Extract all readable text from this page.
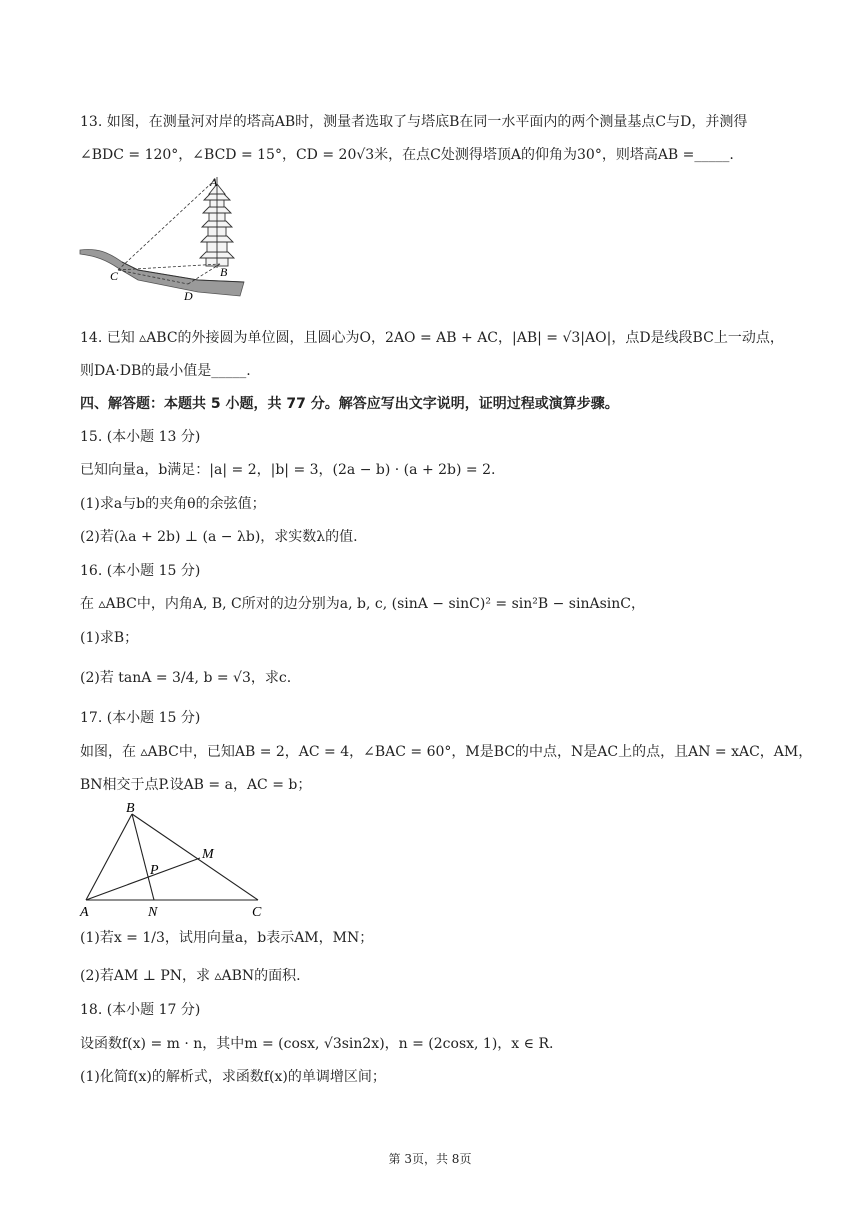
13. 如图，在测量河对岸的塔高AB时，测量者选取了与塔底B在同一水平面内的两个测量基点C与D，并测得
∠BDC = 120°，∠BCD = 15°，CD = 20√3米，在点C处测得塔顶A的仰角为30°，则塔高AB =_____.
A
B
C
D
14. 已知 ▵ABC的外接圆为单位圆，且圆心为O，2AO = AB + AC，|AB| = √3|AO|，点D是线段BC上一动点，
则DA·DB的最小值是_____.
四、解答题：本题共 5 小题，共 77 分。解答应写出文字说明，证明过程或演算步骤。
15. (本小题 13 分)
已知向量a，b满足：|a| = 2，|b| = 3，(2a − b) · (a + 2b) = 2.
(1)求a与b的夹角θ的余弦值；
(2)若(λa + 2b) ⊥ (a − λb)，求实数λ的值.
16. (本小题 15 分)
在 ▵ABC中，内角A, B, C所对的边分别为a, b, c, (sinA − sinC)² = sin²B − sinAsinC，
(1)求B；
(2)若 tanA = 3/4, b = √3，求c.
17. (本小题 15 分)
如图，在 ▵ABC中，已知AB = 2，AC = 4，∠BAC = 60°，M是BC的中点，N是AC上的点，且AN = xAC，AM，
BN相交于点P.设AB = a，AC = b；
B
M
P
A	N	C
(1)若x = 1/3，试用向量a，b表示AM，MN；
(2)若AM ⊥ PN，求 ▵ABN的面积.
18. (本小题 17 分)
设函数f(x) = m · n，其中m = (cosx, √3sin2x)，n = (2cosx, 1)，x ∈ R.
(1)化简f(x)的解析式，求函数f(x)的单调增区间；
第 3页，共 8页
